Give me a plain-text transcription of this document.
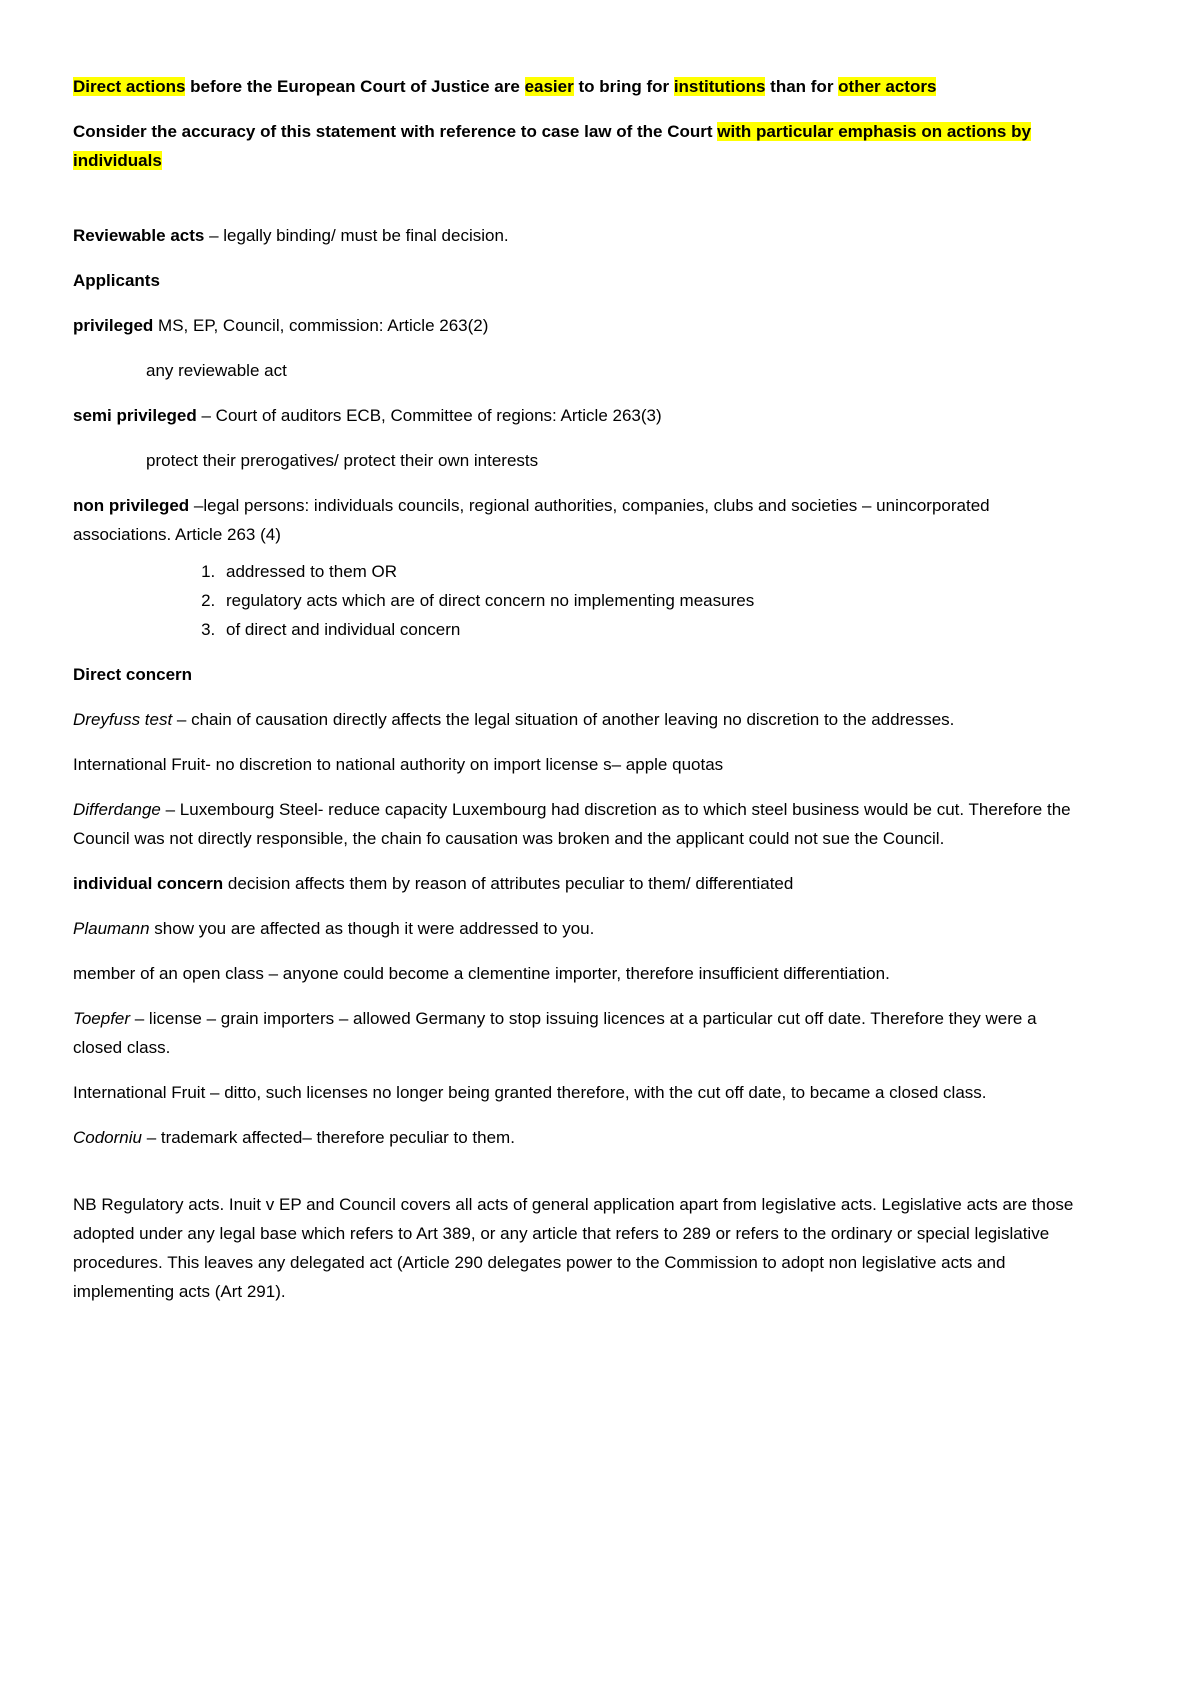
Direct actions before the European Court of Justice are easier to bring for institutions than for other actors

Consider the accuracy of this statement with reference to case law of the Court with particular emphasis on actions by individuals

Reviewable acts – legally binding/ must be final decision.

Applicants

privileged MS, EP, Council, commission: Article 263(2)

any reviewable act

semi privileged – Court of auditors ECB, Committee of regions: Article 263(3)

protect their prerogatives/ protect their own interests

non privileged –legal persons: individuals councils, regional authorities, companies, clubs and societies – unincorporated associations. Article 263 (4)

1. addressed to them OR
2. regulatory acts which are of direct concern no implementing measures
3. of direct and individual concern

Direct concern

Dreyfuss test – chain of causation directly affects the legal situation of another leaving no discretion to the addresses.

International Fruit- no discretion to national authority on import license s– apple quotas

Differdange – Luxembourg Steel- reduce capacity Luxembourg had discretion as to which steel business would be cut. Therefore the Council was not directly responsible, the chain fo causation was broken and the applicant could not sue the Council.

individual concern decision affects them by reason of attributes peculiar to them/ differentiated

Plaumann show you are affected as though it were addressed to you.

member of an open class – anyone could become a clementine importer, therefore insufficient differentiation.

Toepfer – license – grain importers – allowed Germany to stop issuing licences at a particular cut off date. Therefore they were a closed class.

International Fruit – ditto, such licenses no longer being granted therefore, with the cut off date, to became a closed class.

Codorniu – trademark affected– therefore peculiar to them.

NB Regulatory acts. Inuit v EP and Council covers all acts of general application apart from legislative acts. Legislative acts are those adopted under any legal base which refers to Art 389, or any article that refers to 289 or refers to the ordinary or special legislative procedures. This leaves any delegated act (Article 290 delegates power to the Commission to adopt non legislative acts and implementing acts (Art 291).
